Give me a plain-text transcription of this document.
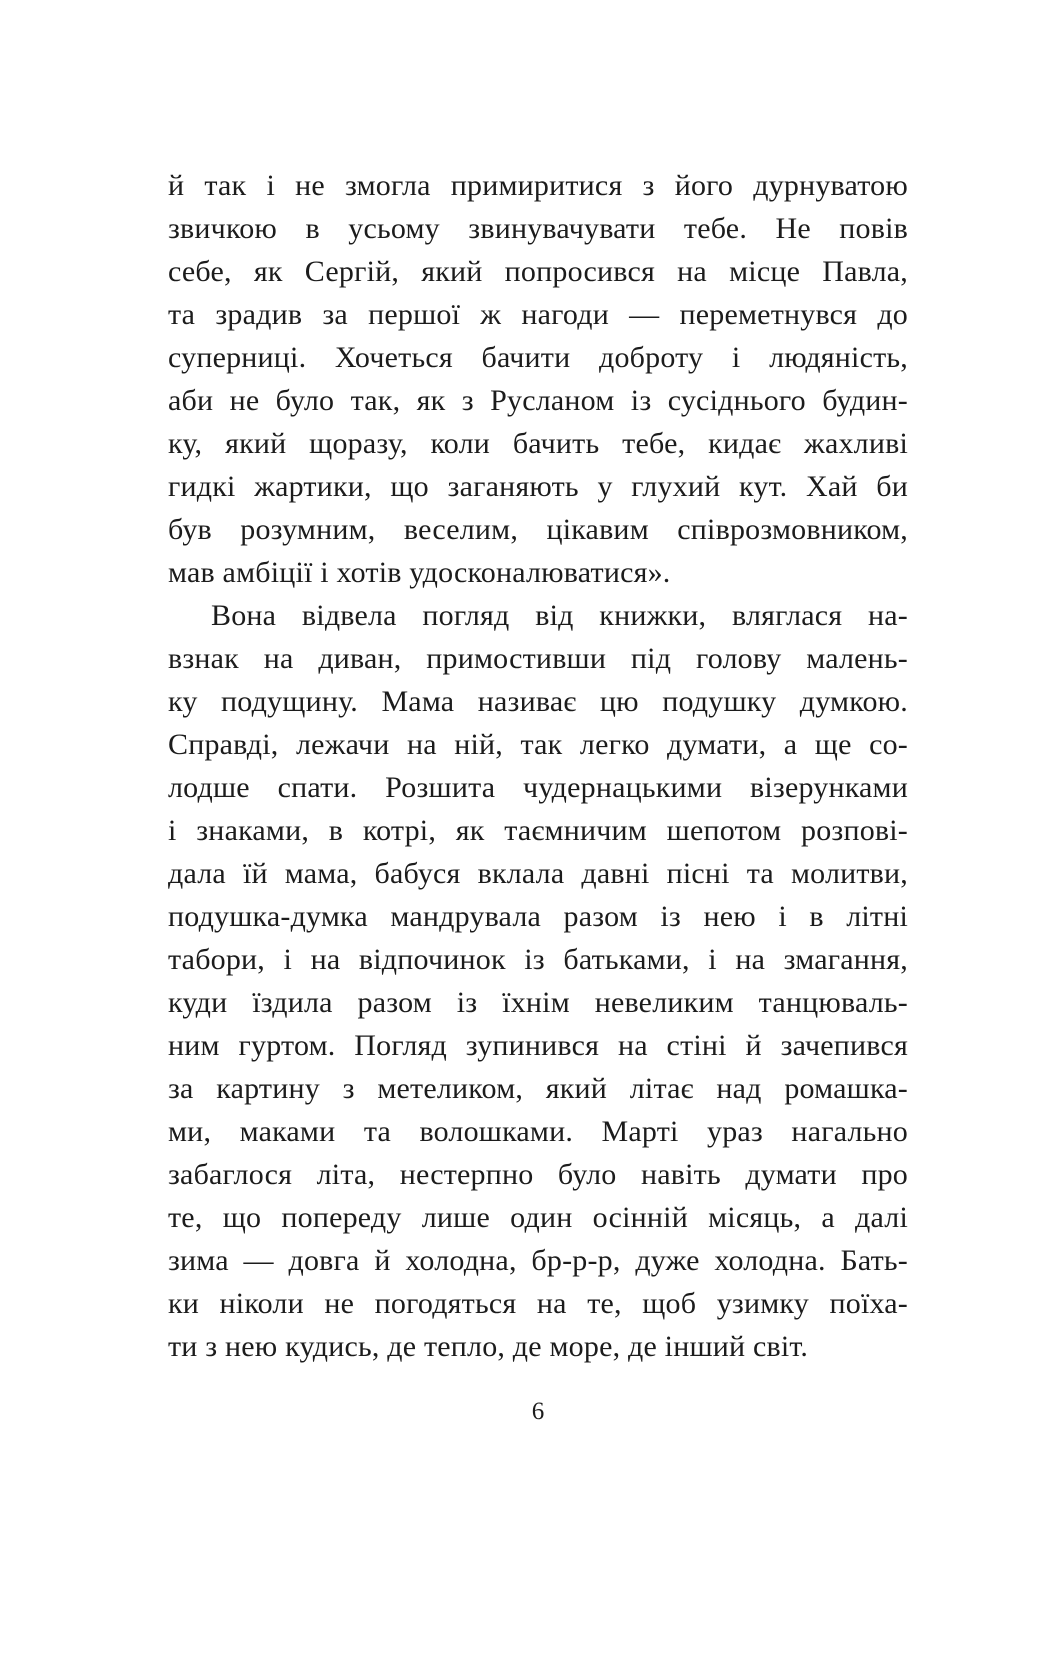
й так і не змогла примиритися з його дурнуватою
звичкою в усьому звинувачувати тебе. Не повів
себе, як Сергій, який попросився на місце Павла,
та зрадив за першої ж нагоди — переметнувся до
суперниці. Хочеться бачити доброту і людяність,
аби не було так, як з Русланом із сусіднього будин-
ку, який щоразу, коли бачить тебе, кидає жахливі
гидкі жартики, що заганяють у глухий кут. Хай би
був розумним, веселим, цікавим співрозмовником,
мав амбіції і хотів удосконалюватися».
Вона відвела погляд від книжки, вляглася на-
взнак на диван, примостивши під голову малень-
ку подущину. Мама називає цю подушку думкою.
Справді, лежачи на ній, так легко думати, а ще со-
лодше спати. Розшита чудернацькими візерунками
і знаками, в котрі, як таємничим шепотом розпові-
дала їй мама, бабуся вклала давні пісні та молитви,
подушка-думка мандрувала разом із нею і в літні
табори, і на відпочинок із батьками, і на змагання,
куди їздила разом із їхнім невеликим танцюваль-
ним гуртом. Погляд зупинився на стіні й зачепився
за картину з метеликом, який літає над ромашка-
ми, маками та волошками. Марті ураз нагально
забаглося літа, нестерпно було навіть думати про
те, що попереду лише один осінній місяць, а далі
зима — довга й холодна, бр-р-р, дуже холодна. Бать-
ки ніколи не погодяться на те, щоб узимку поїха-
ти з нею кудись, де тепло, де море, де інший світ.
6
